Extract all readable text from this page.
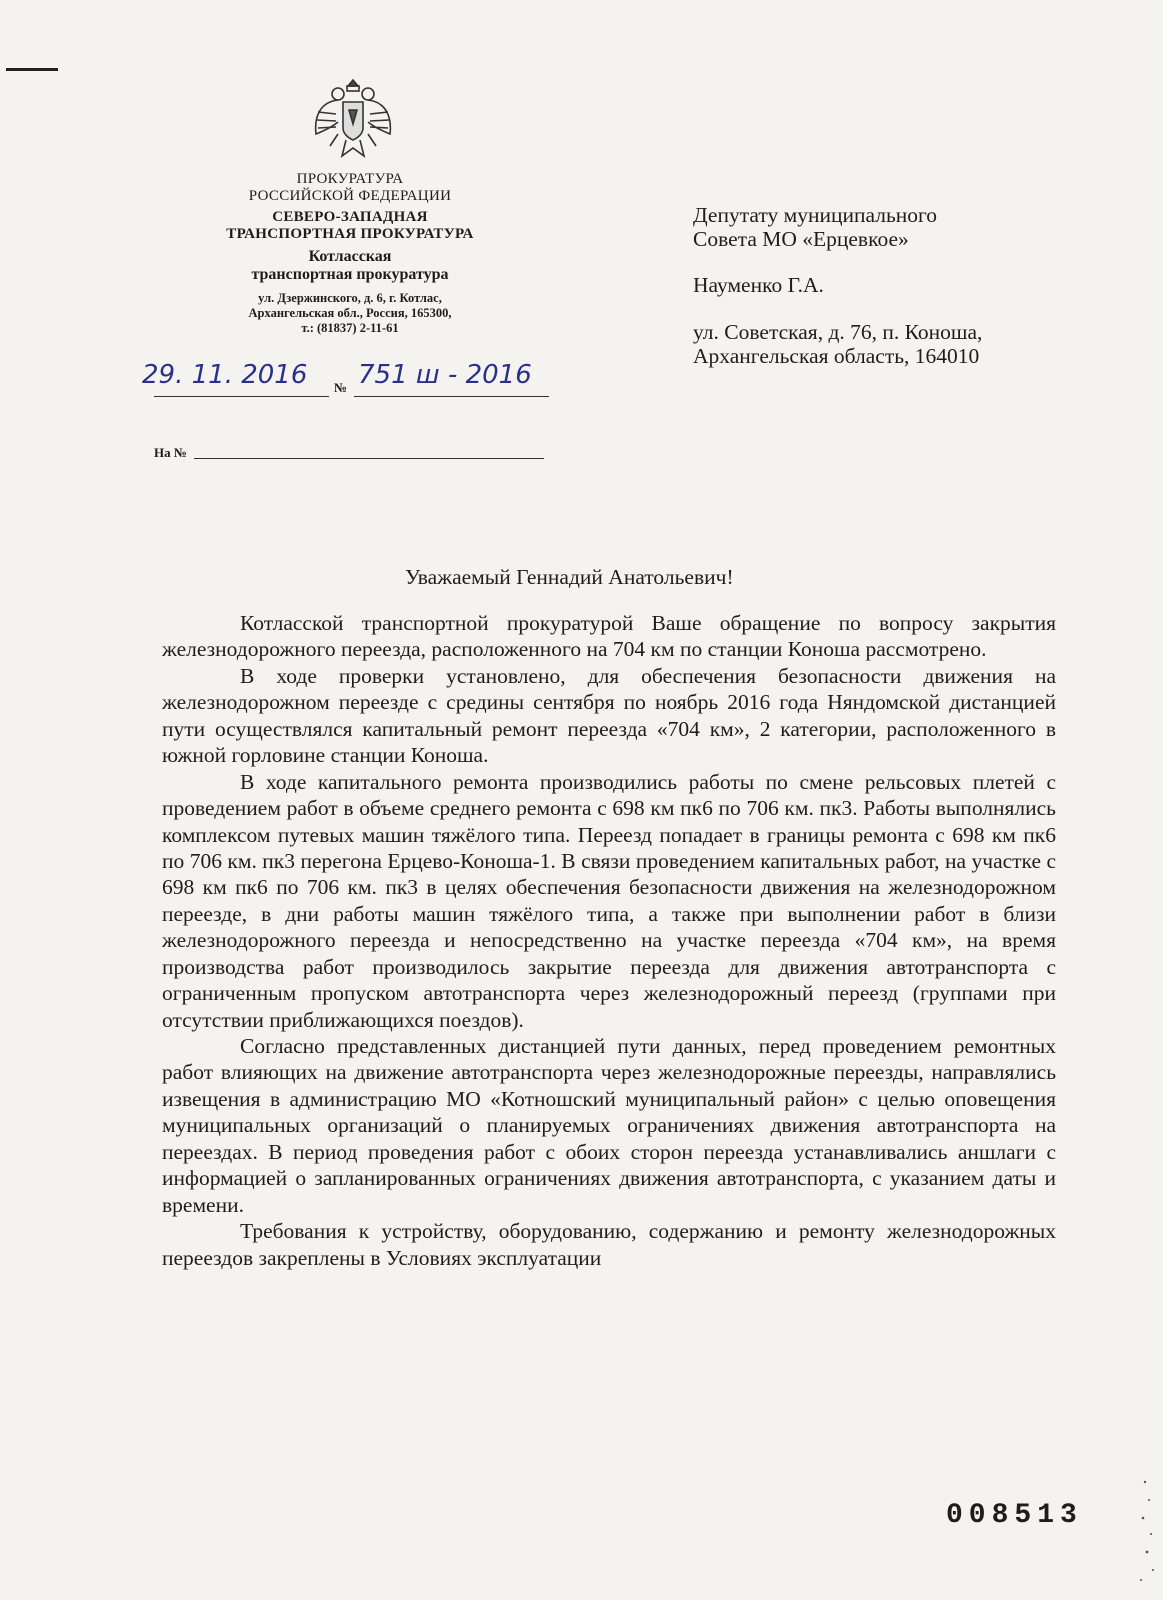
ПРОКУРАТУРА
РОССИЙСКОЙ ФЕДЕРАЦИИ
СЕВЕРО-ЗАПАДНАЯ
ТРАНСПОРТНАЯ ПРОКУРАТУРА
Котласская
транспортная прокуратура
ул. Дзержинского, д. 6, г. Котлас,
Архангельская обл., Россия, 165300,
т.: (81837) 2-11-61
29. 11. 2016 № 751 ш - 2016
На №

Депутату муниципального

Совета МО «Ерцевкое»

Науменко Г.А.

ул. Советская, д. 76, п. Коноша,

Архангельская область, 164010

Уважаемый Геннадий Анатольевич!

Котласской транспортной прокуратурой Ваше обращение по вопросу закрытия железнодорожного переезда, расположенного на 704 км по станции Коноша рассмотрено.

В ходе проверки установлено, для обеспечения безопасности движения на железнодорожном переезде с средины сентября по ноябрь 2016 года Няндомской дистанцией пути осуществлялся капитальный ремонт переезда «704 км», 2 категории, расположенного в южной горловине станции Коноша.

В ходе капитального ремонта производились работы по смене рельсовых плетей с проведением работ в объеме среднего ремонта с 698 км пк6 по 706 км. пк3. Работы выполнялись комплексом путевых машин тяжёлого типа. Переезд попадает в границы ремонта с 698 км пк6 по 706 км. пк3 перегона Ерцево-Коноша-1. В связи проведением капитальных работ, на участке с 698 км пк6 по 706 км. пк3 в целях обеспечения безопасности движения на железнодорожном переезде, в дни работы машин тяжёлого типа, а также при выполнении работ в близи железнодорожного переезда и непосредственно на участке переезда «704 км», на время производства работ производилось закрытие переезда для движения автотранспорта с ограниченным пропуском автотранспорта через железнодорожный переезд (группами при отсутствии приближающихся поездов).

Согласно представленных дистанцией пути данных, перед проведением ремонтных работ влияющих на движение автотранспорта через железнодорожные переезды, направлялись извещения в администрацию МО «Котношский муниципальный район» с целью оповещения муниципальных организаций о планируемых ограничениях движения автотранспорта на переездах. В период проведения работ с обоих сторон переезда устанавливались аншлаги с информацией о запланированных ограничениях движения автотранспорта, с указанием даты и времени.

Требования к устройству, оборудованию, содержанию и ремонту железнодорожных переездов закреплены в Условиях эксплуатации

008513
